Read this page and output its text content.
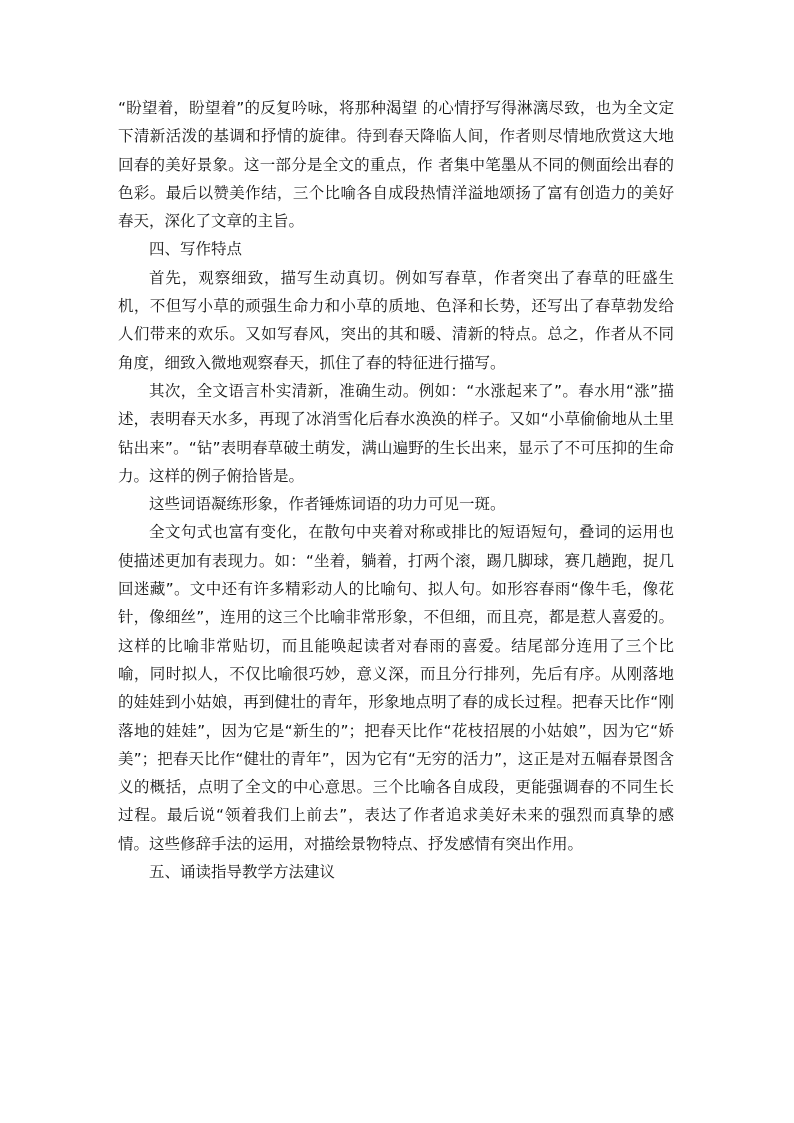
“盼望着，盼望着”的反复吟咏，将那种渴望 的心情抒写得淋漓尽致，也为全文定下清新活泼的基调和抒情的旋律。待到春天降临人间，作者则尽情地欣赏这大地回春的美好景象。这一部分是全文的重点，作 者集中笔墨从不同的侧面绘出春的色彩。最后以赞美作结，三个比喻各自成段热情洋溢地颂扬了富有创造力的美好春天，深化了文章的主旨。

四、写作特点

首先，观察细致，描写生动真切。例如写春草，作者突出了春草的旺盛生机，不但写小草的顽强生命力和小草的质地、色泽和长势，还写出了春草勃发给人们带来的欢乐。又如写春风，突出的其和暖、清新的特点。总之，作者从不同角度，细致入微地观察春天，抓住了春的特征进行描写。

其次，全文语言朴实清新，准确生动。例如：“水涨起来了”。春水用“涨”描述，表明春天水多，再现了冰消雪化后春水涣涣的样子。又如“小草偷偷地从土里钻出来”。“钻”表明春草破土萌发，满山遍野的生长出来，显示了不可压抑的生命力。这样的例子俯拾皆是。

这些词语凝练形象，作者锤炼词语的功力可见一斑。

全文句式也富有变化，在散句中夹着对称或排比的短语短句，叠词的运用也使描述更加有表现力。如：“坐着，躺着，打两个滚，踢几脚球，赛几趟跑，捉几回迷藏”。文中还有许多精彩动人的比喻句、拟人句。如形容春雨“像牛毛，像花针，像细丝”，连用的这三个比喻非常形象，不但细，而且亮，都是惹人喜爱的。这样的比喻非常贴切，而且能唤起读者对春雨的喜爱。结尾部分连用了三个比喻，同时拟人，不仅比喻很巧妙，意义深，而且分行排列，先后有序。从刚落地的娃娃到小姑娘，再到健壮的青年，形象地点明了春的成长过程。把春天比作“刚落地的娃娃”，因为它是“新生的”；把春天比作“花枝招展的小姑娘”，因为它“娇美”；把春天比作“健壮的青年”，因为它有“无穷的活力”，这正是对五幅春景图含义的概括，点明了全文的中心意思。三个比喻各自成段，更能强调春的不同生长过程。最后说“领着我们上前去”，表达了作者追求美好未来的强烈而真挚的感情。这些修辞手法的运用，对描绘景物特点、抒发感情有突出作用。

五、诵读指导教学方法建议
